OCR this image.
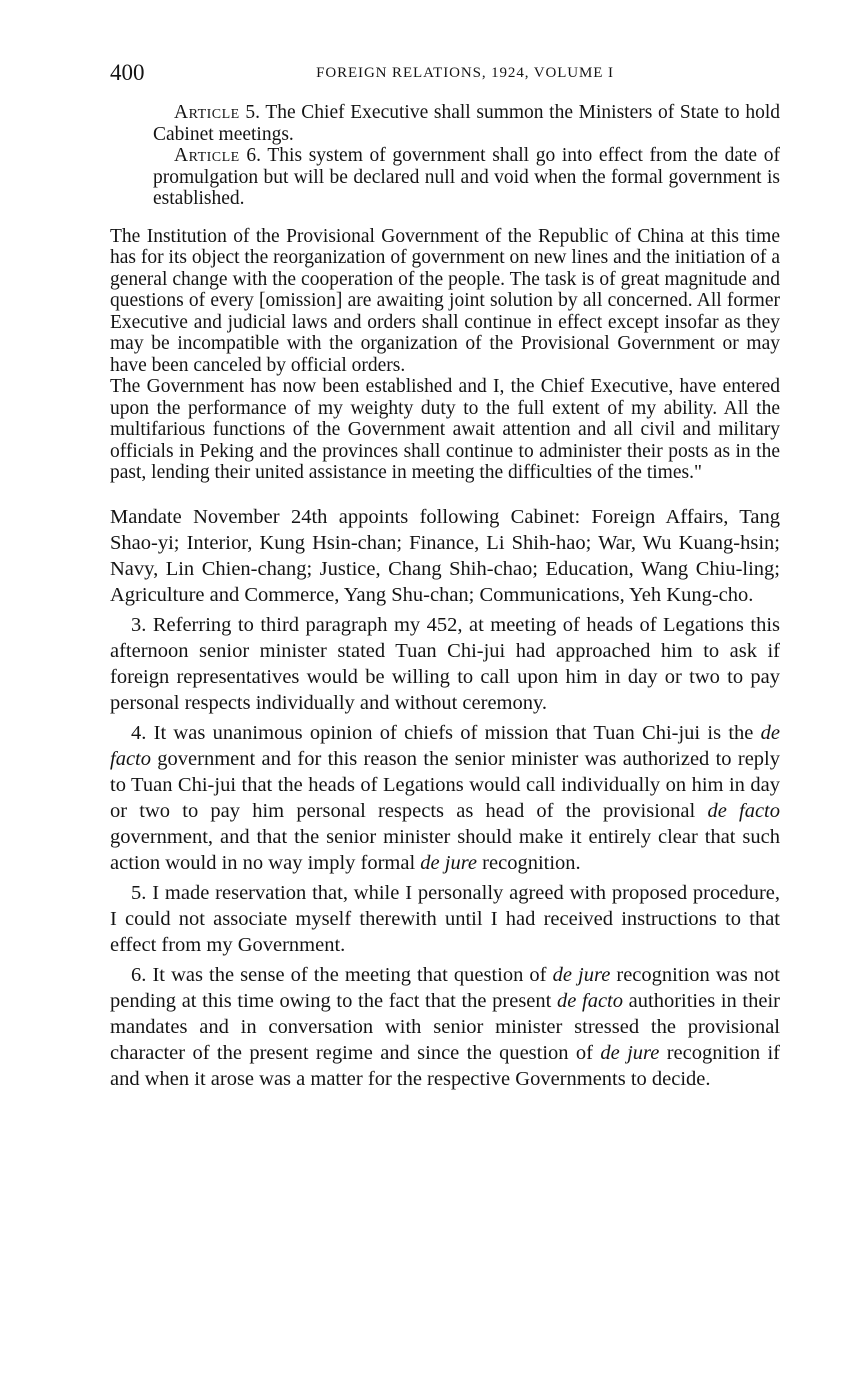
400	FOREIGN RELATIONS, 1924, VOLUME I

Article 5. The Chief Executive shall summon the Ministers of State to hold Cabinet meetings.

Article 6. This system of government shall go into effect from the date of promulgation but will be declared null and void when the formal government is established.

The Institution of the Provisional Government of the Republic of China at this time has for its object the reorganization of government on new lines and the initiation of a general change with the cooperation of the people. The task is of great magnitude and questions of every [omission] are awaiting joint solution by all concerned. All former Executive and judicial laws and orders shall continue in effect except insofar as they may be incompatible with the organization of the Provisional Government or may have been canceled by official orders.

The Government has now been established and I, the Chief Executive, have entered upon the performance of my weighty duty to the full extent of my ability. All the multifarious functions of the Government await attention and all civil and military officials in Peking and the provinces shall continue to administer their posts as in the past, lending their united assistance in meeting the difficulties of the times."

Mandate November 24th appoints following Cabinet: Foreign Affairs, Tang Shao-yi; Interior, Kung Hsin-chan; Finance, Li Shih-hao; War, Wu Kuang-hsin; Navy, Lin Chien-chang; Justice, Chang Shih-chao; Education, Wang Chiu-ling; Agriculture and Commerce, Yang Shu-chan; Communications, Yeh Kung-cho.

3. Referring to third paragraph my 452, at meeting of heads of Legations this afternoon senior minister stated Tuan Chi-jui had approached him to ask if foreign representatives would be willing to call upon him in day or two to pay personal respects individually and without ceremony.

4. It was unanimous opinion of chiefs of mission that Tuan Chi-jui is the de facto government and for this reason the senior minister was authorized to reply to Tuan Chi-jui that the heads of Legations would call individually on him in day or two to pay him personal respects as head of the provisional de facto government, and that the senior minister should make it entirely clear that such action would in no way imply formal de jure recognition.

5. I made reservation that, while I personally agreed with proposed procedure, I could not associate myself therewith until I had received instructions to that effect from my Government.

6. It was the sense of the meeting that question of de jure recognition was not pending at this time owing to the fact that the present de facto authorities in their mandates and in conversation with senior minister stressed the provisional character of the present regime and since the question of de jure recognition if and when it arose was a matter for the respective Governments to decide.
